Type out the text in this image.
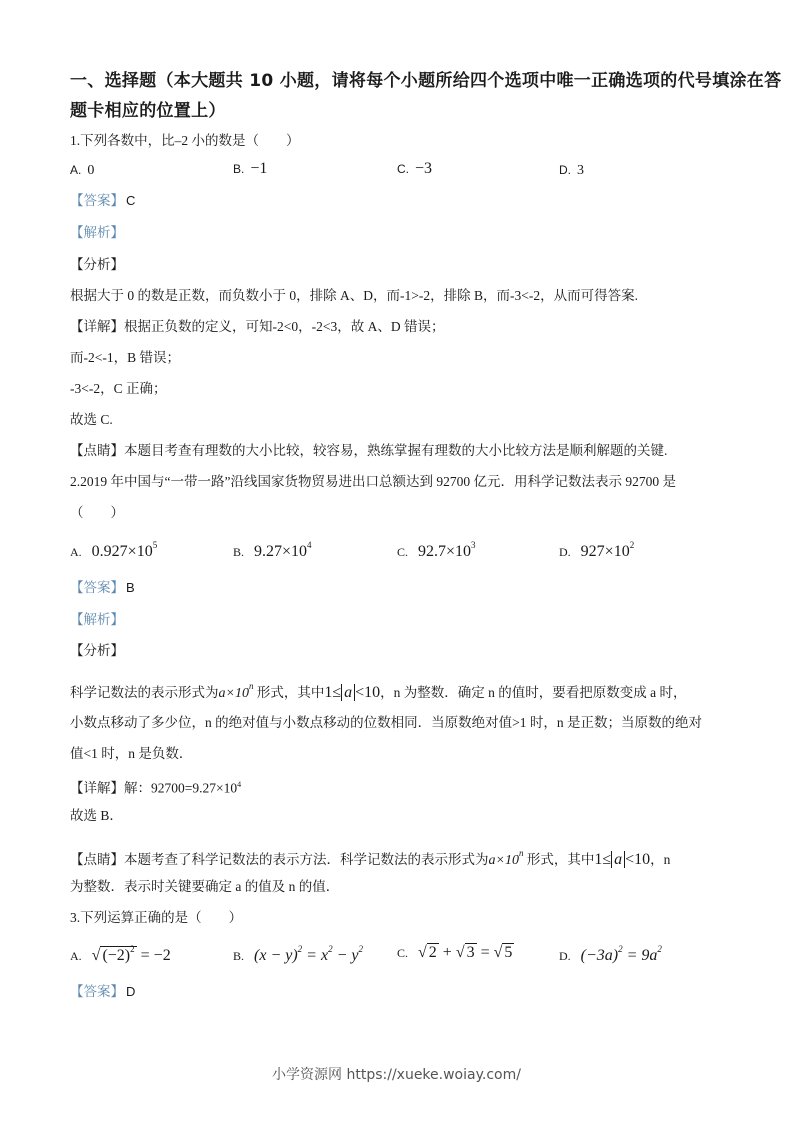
一、选择题（本大题共 10 小题，请将每个小题所给四个选项中唯一正确选项的代号填涂在答
题卡相应的位置上）
1.下列各数中，比–2 小的数是（　　）
A. 0	B. −1	C. −3	D. 3
【答案】 C
【解析】
【分析】
根据大于 0 的数是正数，而负数小于 0，排除 A、D，而-1>-2，排除 B，而-3<-2，从而可得答案.
【详解】根据正负数的定义，可知-2<0，-2<3，故 A、D 错误；
而-2<-1，B 错误；
-3<-2，C 正确；
故选 C.
【点睛】本题目考查有理数的大小比较，较容易，熟练掌握有理数的大小比较方法是顺利解题的关键.
2.2019 年中国与“一带一路”沿线国家货物贸易进出口总额达到 92700 亿元．用科学记数法表示 92700 是
（　　）
A. $0.927\times 10^5$	B. $9.27\times 10^4$	C. $92.7\times 10^3$	D. $927\times 10^2$
【答案】 B
【解析】
【分析】
科学记数法的表示形式为$a\times 10^n$ 形式，其中1≤ a <10，n 为整数．确定 n 的值时，要看把原数变成 a 时，
小数点移动了多少位，n 的绝对值与小数点移动的位数相同．当原数绝对值>1 时，n 是正数；当原数的绝对
值<1 时，n 是负数．
【详解】解：$92700=9.27\times 10^4$
故选 B．
【点睛】本题考查了科学记数法的表示方法．科学记数法的表示形式为$a\times 10^n$ 形式，其中1≤ a <10，n
为整数．表示时关键要确定 a 的值及 n 的值．
3.下列运算正确的是（　　）
A. √ $(-2)^2 = -2$	B. $(x - y)^2 = x^2 - y^2$	C. √ 2 + √ 3 = √ 5	D. $(-3a)^2 = 9a^2$
【答案】 D
小学资源网 https://xueke.woiay.com/
